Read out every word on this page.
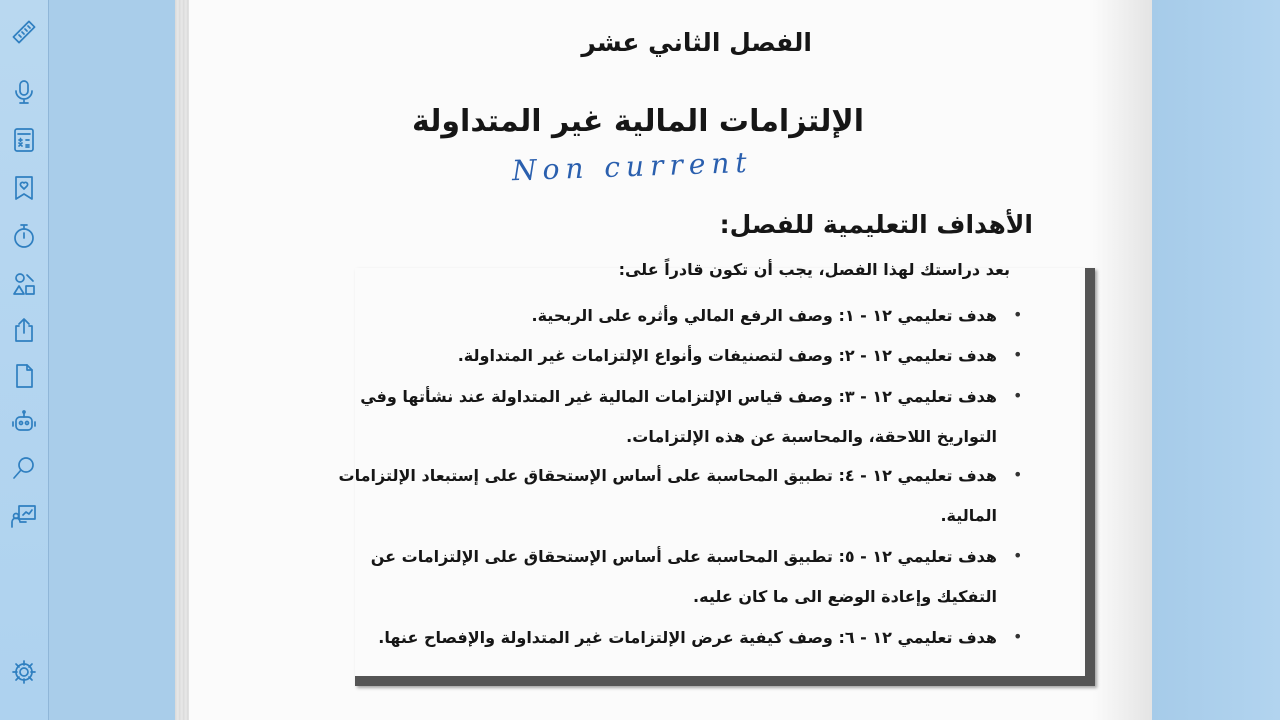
الفصل الثاني عشر
الإلتزامات المالية غير المتداولة
Non current
الأهداف التعليمية للفصل:
بعد دراستك لهذا الفصل، يجب أن تكون قادراً على:
•
هدف تعليمي ١٢ - ١: وصف الرفع المالي وأثره على الربحية.
•
هدف تعليمي ١٢ - ٢: وصف لتصنيفات وأنواع الإلتزامات غير المتداولة.
•
هدف تعليمي ١٢ - ٣: وصف قياس الإلتزامات المالية غير المتداولة عند نشأتها وفي التواريخ اللاحقة، والمحاسبة عن هذه الإلتزامات.
•
هدف تعليمي ١٢ - ٤: تطبيق المحاسبة على أساس الإستحقاق على إستبعاد الإلتزامات المالية.
•
هدف تعليمي ١٢ - ٥: تطبيق المحاسبة على أساس الإستحقاق على الإلتزامات عن التفكيك وإعادة الوضع الى ما كان عليه.
•
هدف تعليمي ١٢ - ٦: وصف كيفية عرض الإلتزامات غير المتداولة والإفصاح عنها.
